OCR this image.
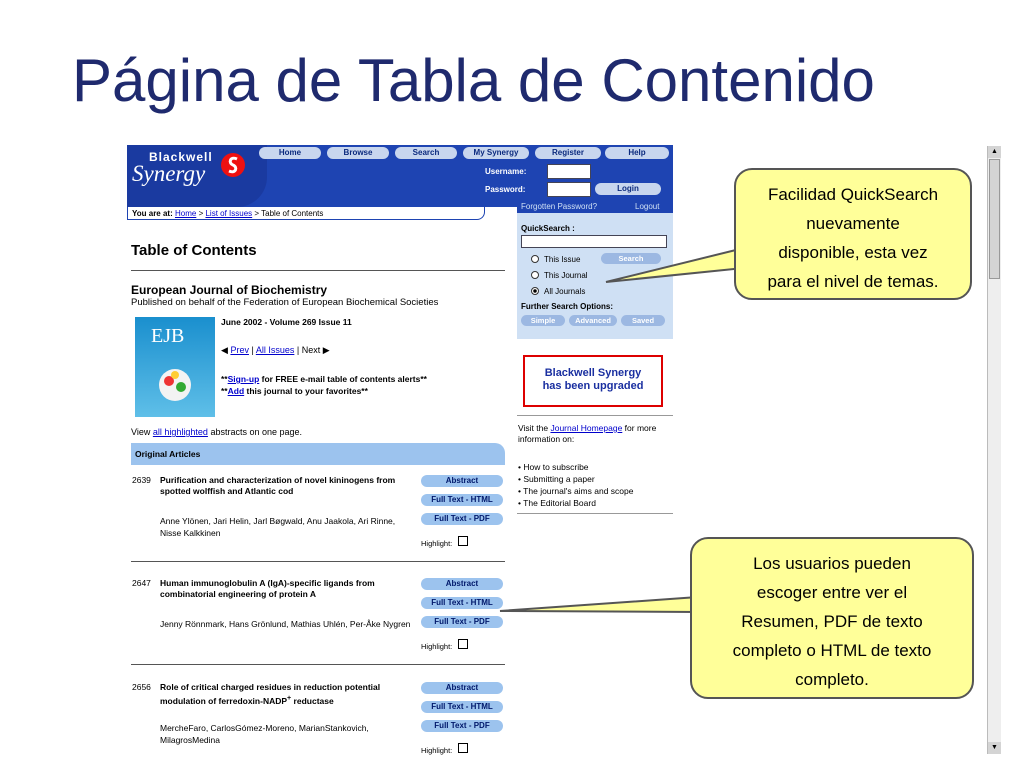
Página de Tabla de Contenido
Blackwell
Synergy
Home	Browse	Search	My Synergy	Register	Help
Username:
Password:	Login
You are at: Home > List of Issues > Table of Contents
Forgotten Password?	Logout
QuickSearch :
This Issue
This Journal
All Journals
Search
Further Search Options:
Simple	Advanced	Saved
Blackwell Synergy
has been upgraded
Visit the Journal Homepage for more information on:
• How to subscribe
• Submitting a paper
• The journal's aims and scope
• The Editorial Board
Table of Contents
European Journal of Biochemistry
Published on behalf of the Federation of European Biochemical Societies
EJB
June 2002 - Volume 269 Issue 11
◀ Prev | All Issues | Next ▶
**Sign-up for FREE e-mail table of contents alerts**
**Add this journal to your favorites**
View all highlighted abstracts on one page.
Original Articles
2639 Purification and characterization of novel kininogens from spotted wolffish and Atlantic cod
Anne Ylönen, Jari Helin, Jarl Bøgwald, Anu Jaakola, Ari Rinne, Nisse Kalkkinen
Abstract
Full Text - HTML
Full Text - PDF
Highlight:
2647 Human immunoglobulin A (IgA)-specific ligands from combinatorial engineering of protein A
Jenny Rönnmark, Hans Grönlund, Mathias Uhlén, Per-Åke Nygren
Abstract
Full Text - HTML
Full Text - PDF
Highlight:
2656 Role of critical charged residues in reduction potential modulation of ferredoxin-NADP+ reductase
MercheFaro, CarlosGómez-Moreno, MarianStankovich, MilagrosMedina
Abstract
Full Text - HTML
Full Text - PDF
Highlight:
▲
▼
Facilidad QuickSearch
nuevamente
disponible, esta vez
para el nivel de temas.
Los usuarios pueden
escoger entre ver el
Resumen, PDF de texto
completo o HTML de texto
completo.
